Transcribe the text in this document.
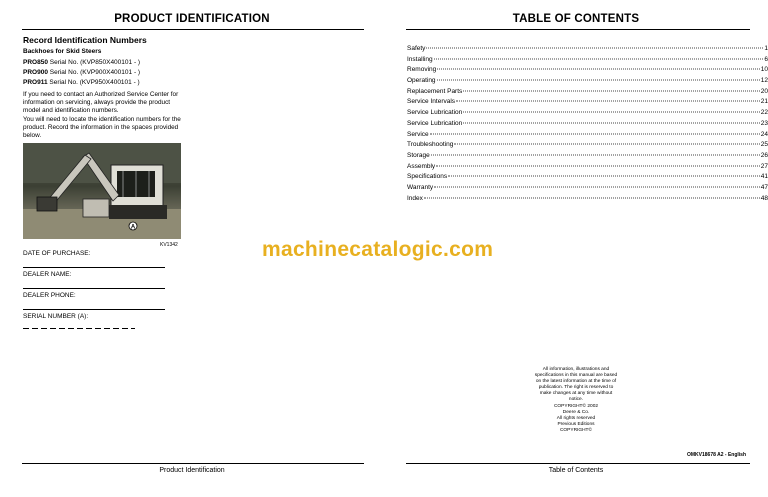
PRODUCT IDENTIFICATION
Record Identification Numbers
Backhoes for Skid Steers
PRO850 Serial No. (KVP850X400101 - )
PRO900 Serial No. (KVP900X400101 - )
PRO911 Serial No. (KVP950X400101 - )
If you need to contact an Authorized Service Center for information on servicing, always provide the product model and identification numbers.
You will need to locate the identification numbers for the product. Record the information in the spaces provided below.
A
KV1342
DATE OF PURCHASE:
DEALER NAME:
DEALER PHONE:
SERIAL NUMBER (A):
Product Identification
machinecatalogic.com
TABLE OF CONTENTS
Safety	1
Installing	6
Removing	10
Operating	12
Replacement Parts	20
Service Intervals	21
Service Lubrication	22
Service Lubrication	23
Service	24
Troubleshooting	25
Storage	26
Assembly	27
Specifications	41
Warranty	47
Index	48
All information, illustrations and
specifications in this manual are based
on the latest information at the time of
publication. The right is reserved to
make changes at any time without
notice.
COPYRIGHT© 2002
Deere & Co.
All rights reserved
Previous Editions
COPYRIGHT©
OMKV18678 A2 - English
Table of Contents
